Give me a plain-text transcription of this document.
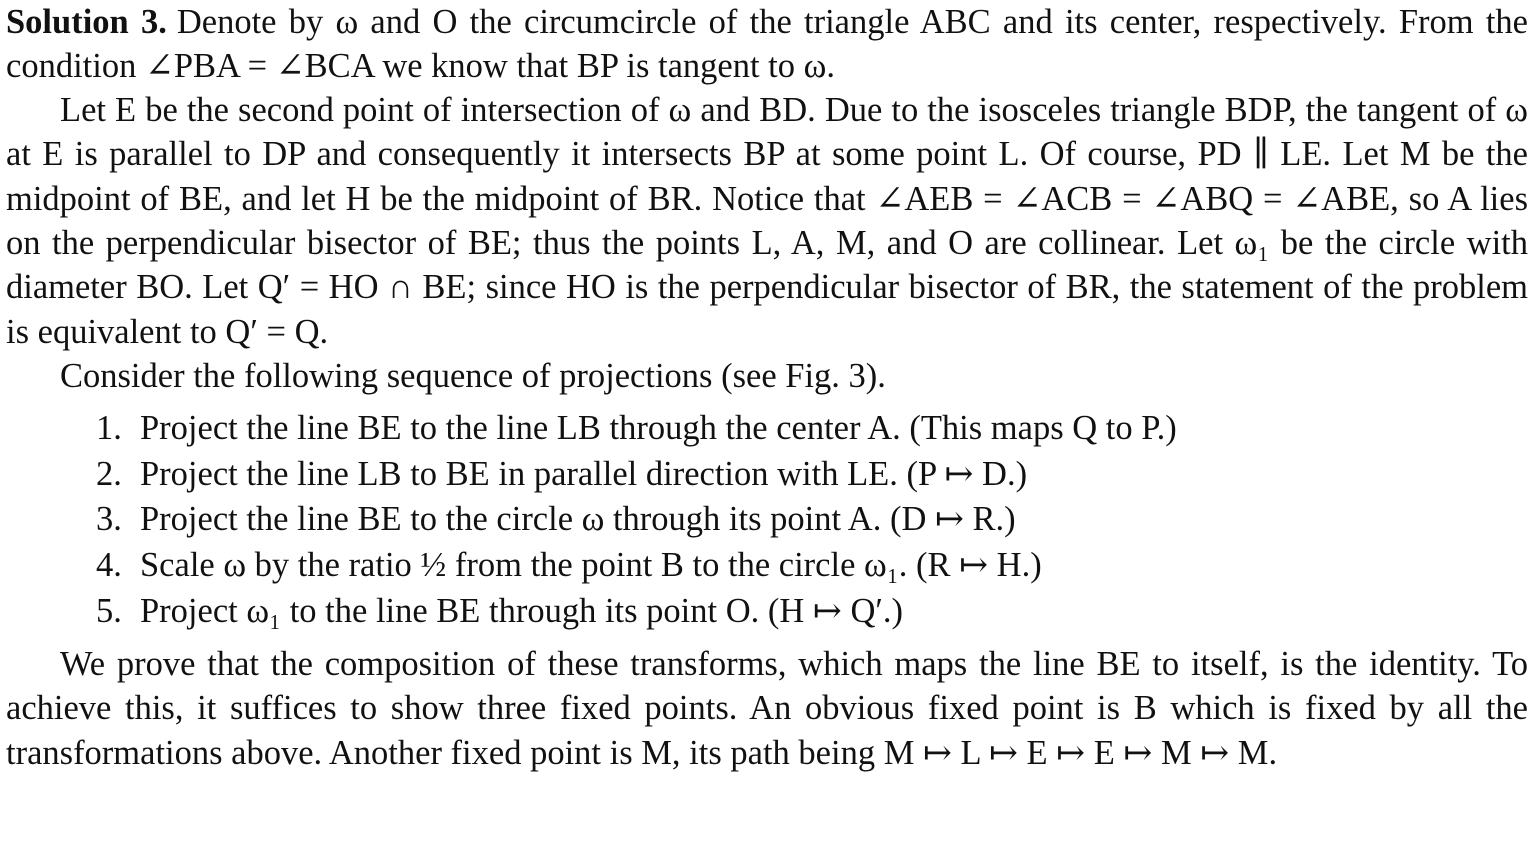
Solution 3. Denote by ω and O the circumcircle of the triangle ABC and its center, respectively. From the condition ∠PBA = ∠BCA we know that BP is tangent to ω.

Let E be the second point of intersection of ω and BD. Due to the isosceles triangle BDP, the tangent of ω at E is parallel to DP and consequently it intersects BP at some point L. Of course, PD ∥ LE. Let M be the midpoint of BE, and let H be the midpoint of BR. Notice that ∠AEB = ∠ACB = ∠ABQ = ∠ABE, so A lies on the perpendicular bisector of BE; thus the points L, A, M, and O are collinear. Let ω₁ be the circle with diameter BO. Let Q′ = HO ∩ BE; since HO is the perpendicular bisector of BR, the statement of the problem is equivalent to Q′ = Q.

Consider the following sequence of projections (see Fig. 3).

1. Project the line BE to the line LB through the center A. (This maps Q to P.)
2. Project the line LB to BE in parallel direction with LE. (P ↦ D.)
3. Project the line BE to the circle ω through its point A. (D ↦ R.)
4. Scale ω by the ratio ½ from the point B to the circle ω₁. (R ↦ H.)
5. Project ω₁ to the line BE through its point O. (H ↦ Q′.)

We prove that the composition of these transforms, which maps the line BE to itself, is the identity. To achieve this, it suffices to show three fixed points. An obvious fixed point is B which is fixed by all the transformations above. Another fixed point is M, its path being M ↦ L ↦ E ↦ E ↦ M ↦ M.
